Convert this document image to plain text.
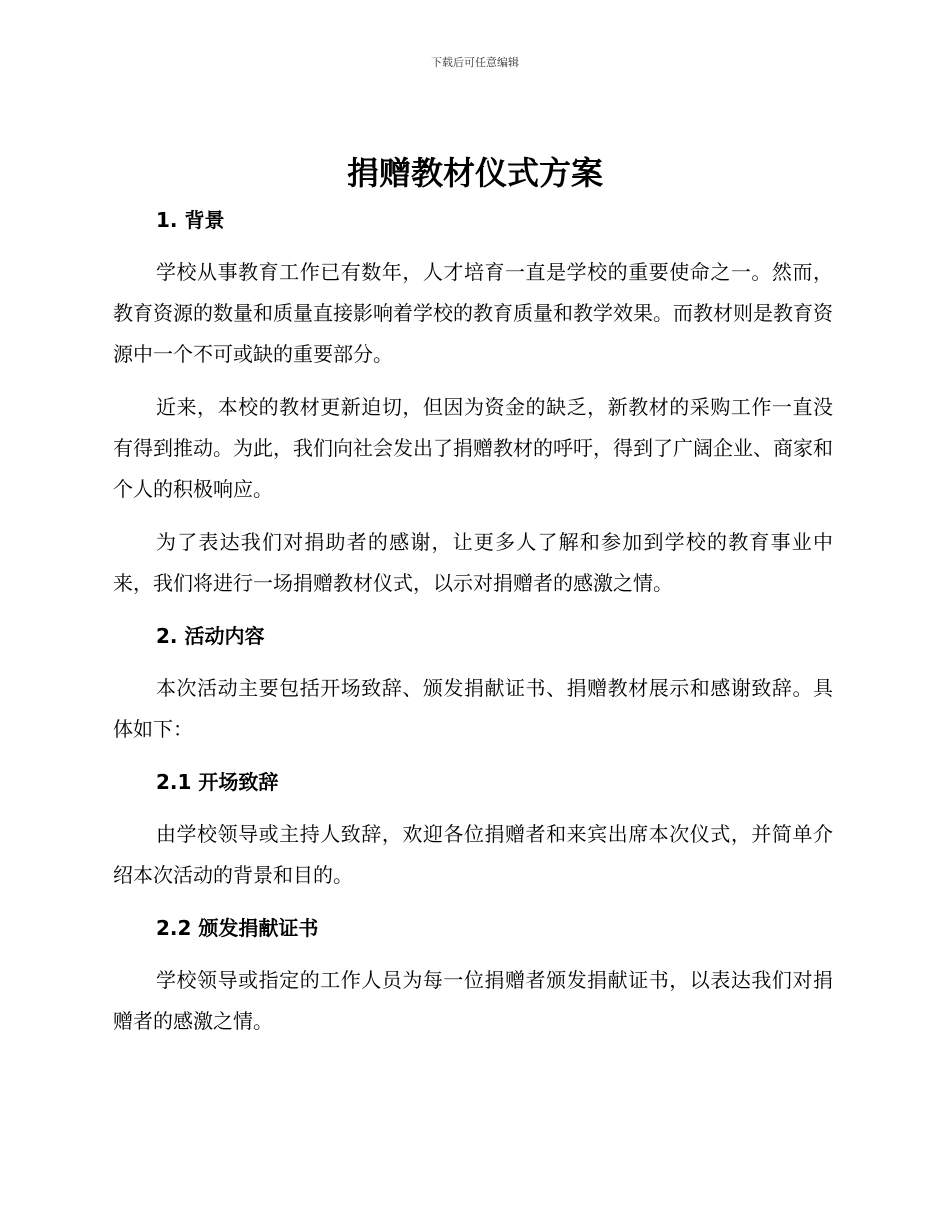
下载后可任意编辑
捐赠教材仪式方案

1. 背景

学校从事教育工作已有数年，人才培育一直是学校的重要使命之一。然而，教育资源的数量和质量直接影响着学校的教育质量和教学效果。而教材则是教育资源中一个不可或缺的重要部分。

近来，本校的教材更新迫切，但因为资金的缺乏，新教材的采购工作一直没有得到推动。为此，我们向社会发出了捐赠教材的呼吁，得到了广阔企业、商家和个人的积极响应。

为了表达我们对捐助者的感谢，让更多人了解和参加到学校的教育事业中来，我们将进行一场捐赠教材仪式，以示对捐赠者的感激之情。

2. 活动内容

本次活动主要包括开场致辞、颁发捐献证书、捐赠教材展示和感谢致辞。具体如下：

2.1 开场致辞

由学校领导或主持人致辞，欢迎各位捐赠者和来宾出席本次仪式，并简单介绍本次活动的背景和目的。

2.2 颁发捐献证书

学校领导或指定的工作人员为每一位捐赠者颁发捐献证书，以表达我们对捐赠者的感激之情。
